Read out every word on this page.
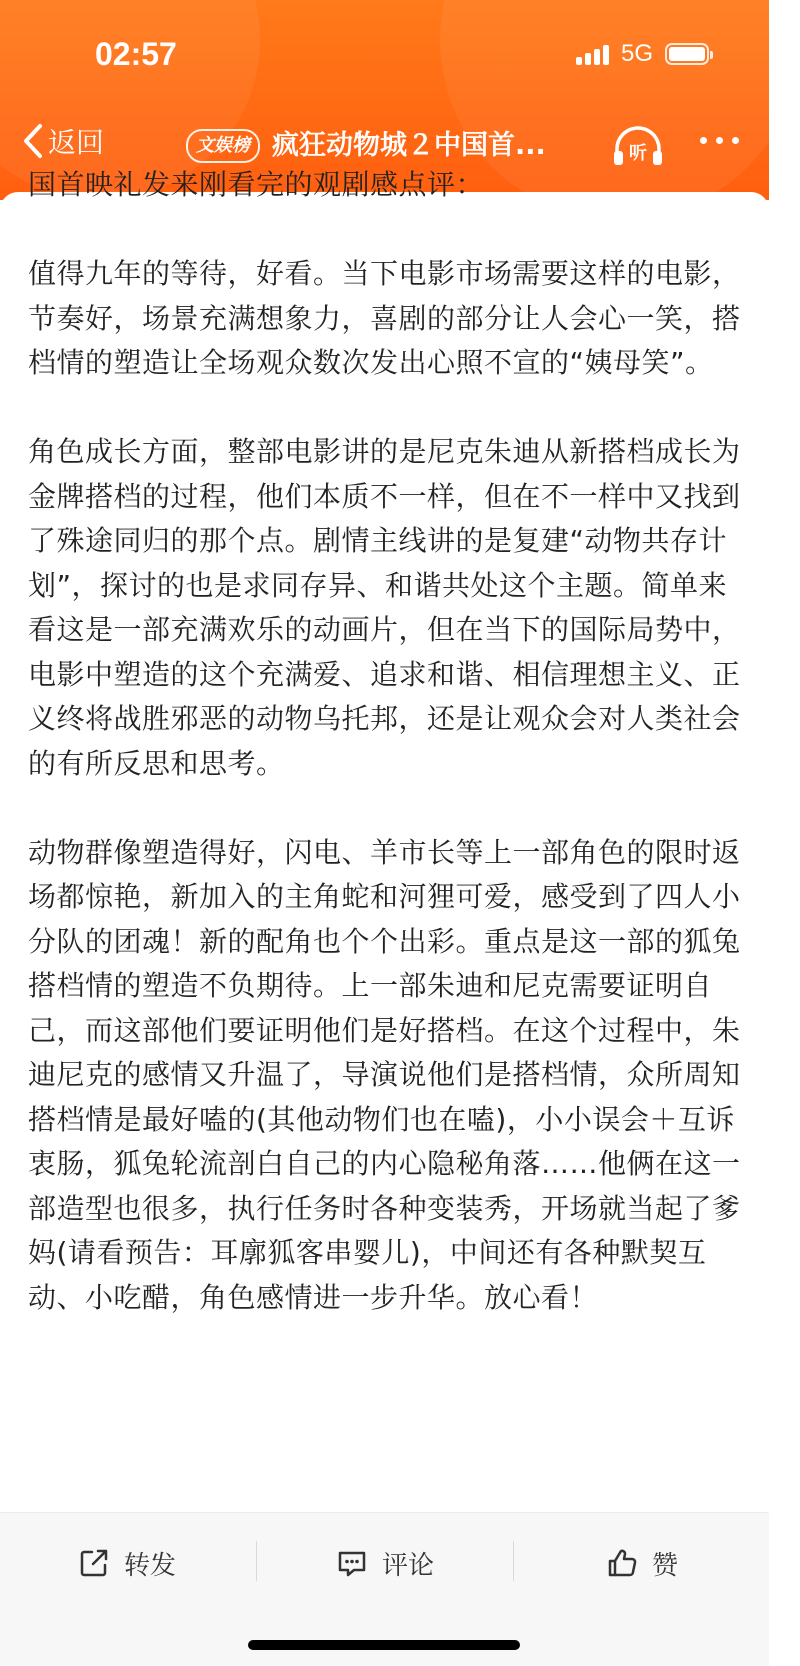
02:57	5G
返回	文娱榜 疯狂动物城２中国首...	听

国首映礼发来刚看完的观剧感点评：

值得九年的等待，好看。当下电影市场需要这样的电影，节奏好，场景充满想象力，喜剧的部分让人会心一笑，搭档情的塑造让全场观众数次发出心照不宣的“姨母笑”。

角色成长方面，整部电影讲的是尼克朱迪从新搭档成长为金牌搭档的过程，他们本质不一样，但在不一样中又找到了殊途同归的那个点。剧情主线讲的是复建“动物共存计划”，探讨的也是求同存异、和谐共处这个主题。简单来看这是一部充满欢乐的动画片，但在当下的国际局势中，电影中塑造的这个充满爱、追求和谐、相信理想主义、正义终将战胜邪恶的动物乌托邦，还是让观众会对人类社会的有所反思和思考。

动物群像塑造得好，闪电、羊市长等上一部角色的限时返场都惊艳，新加入的主角蛇和河狸可爱，感受到了四人小分队的团魂！新的配角也个个出彩。重点是这一部的狐兔搭档情的塑造不负期待。上一部朱迪和尼克需要证明自己，而这部他们要证明他们是好搭档。在这个过程中，朱迪尼克的感情又升温了，导演说他们是搭档情，众所周知搭档情是最好嗑的(其他动物们也在嗑)，小小误会＋互诉衷肠，狐兔轮流剖白自己的内心隐秘角落……他俩在这一部造型也很多，执行任务时各种变装秀，开场就当起了爹妈(请看预告：耳廓狐客串婴儿)，中间还有各种默契互动、小吃醋，角色感情进一步升华。放心看！

转发	评论	赞
